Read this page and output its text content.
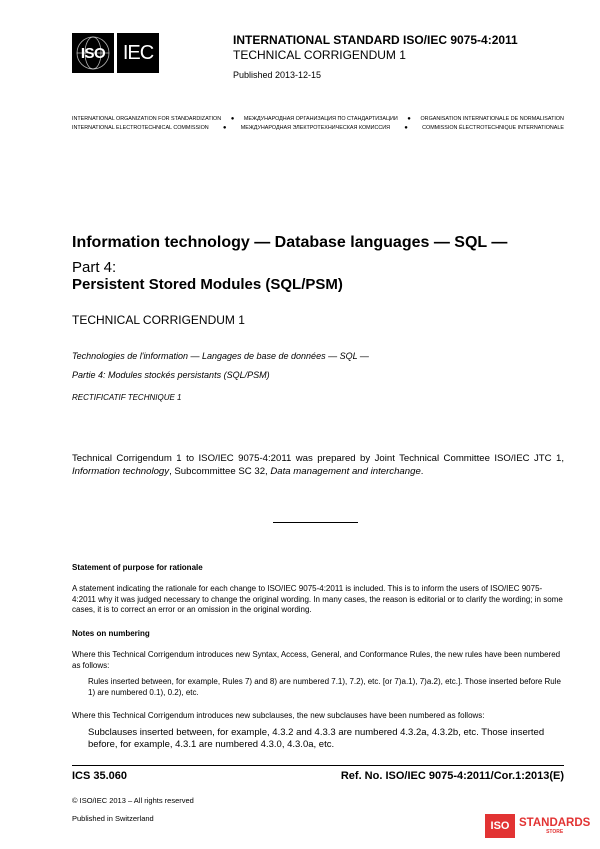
ISO IEC
INTERNATIONAL STANDARD ISO/IEC 9075-4:2011
TECHNICAL CORRIGENDUM 1
Published 2013-12-15
INTERNATIONAL ORGANIZATION FOR STANDARDIZATION ● МЕЖДУНАРОДНАЯ ОРГАНИЗАЦИЯ ПО СТАНДАРТИЗАЦИИ ● ORGANISATION INTERNATIONALE DE NORMALISATION
INTERNATIONAL ELECTROTECHNICAL COMMISSION ●	МЕЖДУНАРОДНАЯ ЭЛЕКТРОТЕХНИЧЕСКАЯ КОМИССИЯ ●	COMMISSION ÉLECTROTECHNIQUE INTERNATIONALE
Information technology — Database languages — SQL —
Part 4:
Persistent Stored Modules (SQL/PSM)
TECHNICAL CORRIGENDUM 1
Technologies de l'information — Langages de base de données — SQL —
Partie 4: Modules stockés persistants (SQL/PSM)
RECTIFICATIF TECHNIQUE 1
Technical Corrigendum 1 to ISO/IEC 9075-4:2011 was prepared by Joint Technical Committee ISO/IEC JTC 1, Information technology, Subcommittee SC 32, Data management and interchange.
Statement of purpose for rationale
A statement indicating the rationale for each change to ISO/IEC 9075-4:2011 is included. This is to inform the users of ISO/IEC 9075-4:2011 why it was judged necessary to change the original wording. In many cases, the reason is editorial or to clarify the wording; in some cases, it is to correct an error or an omission in the original wording.
Notes on numbering
Where this Technical Corrigendum introduces new Syntax, Access, General, and Conformance Rules, the new rules have been numbered as follows:
Rules inserted between, for example, Rules 7) and 8) are numbered 7.1), 7.2), etc. [or 7)a.1), 7)a.2), etc.]. Those inserted before Rule 1) are numbered 0.1), 0.2), etc.
Where this Technical Corrigendum introduces new subclauses, the new subclauses have been numbered as follows:
Subclauses inserted between, for example, 4.3.2 and 4.3.3 are numbered 4.3.2a, 4.3.2b, etc. Those inserted before, for example, 4.3.1 are numbered 4.3.0, 4.3.0a, etc.
ICS 35.060	Ref. No. ISO/IEC 9075-4:2011/Cor.1:2013(E)
© ISO/IEC 2013 – All rights reserved
Published in Switzerland
ISO STANDARDS
STORE
